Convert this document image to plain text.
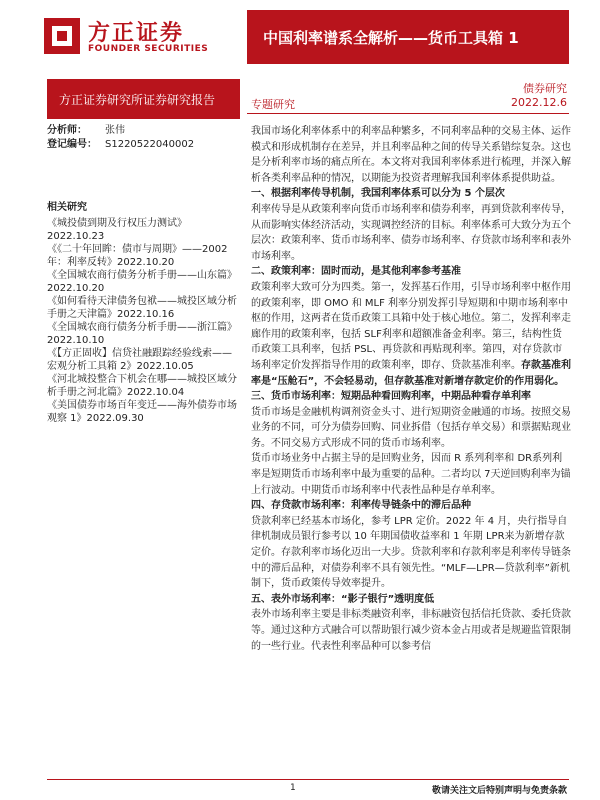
方正证券
FOUNDER SECURITIES
中国利率谱系全解析——货币工具箱 1
方正证券研究所证券研究报告
债券研究
专题研究	2022.12.6
分析师：	张伟
登记编号： S1220522040002
相关研究
《城投债到期及行权压力测试》2022.10.23
《《二十年回眸：债市与周期》——2002年：利率反转》2022.10.20
《全国城农商行债务分析手册——山东篇》2022.10.20
《如何看待天津债务包袱——城投区域分析手册之天津篇》2022.10.16
《全国城农商行债务分析手册——浙江篇》2022.10.10
《【方正固收】信贷社融跟踪经验线索——宏观分析工具箱 2》2022.10.05
《河北城投整合下机会在哪——城投区域分析手册之河北篇》2022.10.04
《美国债券市场百年变迁——海外债券市场观察 1》2022.09.30

我国市场化利率体系中的利率品种繁多，不同利率品种的交易主体、运作模式和形成机制存在差异，并且利率品种之间的传导关系错综复杂。这也是分析利率市场的痛点所在。本文将对我国利率体系进行梳理，并深入解析各类利率品种的情况，以期能为投资者理解我国利率体系提供助益。

一、根据利率传导机制，我国利率体系可以分为 5 个层次

利率传导是从政策利率向货币市场利率和债券利率，再到贷款利率传导，从而影响实体经济活动，实现调控经济的目标。利率体系可大致分为五个层次：政策利率、货币市场利率、债券市场利率、存贷款市场利率和表外市场利率。

二、政策利率：固时而动，是其他利率参考基准

政策利率大致可分为四类。第一，发挥基石作用，引导市场利率中枢作用的政策利率，即 OMO 和 MLF 利率分别发挥引导短期和中期市场利率中枢的作用，这两者在货币政策工具箱中处于核心地位。第二，发挥利率走廊作用的政策利率，包括 SLF利率和超额准备金利率。第三，结构性货币政策工具利率，包括 PSL、再贷款和再贴现利率。第四，对存贷款市场利率定价发挥指导作用的政策利率，即存、贷款基准利率。存款基准利率是“压舱石”，不会轻易动，但存款基准对新增存款定价的作用弱化。

三、货币市场利率：短期品种看回购利率，中期品种看存单利率

货币市场是金融机构调剂资金头寸、进行短期资金融通的市场。按照交易业务的不同，可分为债券回购、同业拆借（包括存单交易）和票据贴现业务。不同交易方式形成不同的货币市场利率。

货币市场业务中占据主导的是回购业务，因而 R 系列利率和 DR系列利率是短期货币市场利率中最为重要的品种。二者均以 7天逆回购利率为锚上行波动。中期货币市场利率中代表性品种是存单利率。

四、存贷款市场利率：利率传导链条中的滞后品种

贷款利率已经基本市场化，参考 LPR 定价。2022 年 4 月，央行指导自律机制成员银行参考以 10 年期国债收益率和 1 年期 LPR来为新增存款定价。存款利率市场化迈出一大步。贷款利率和存款利率是利率传导链条中的滞后品种，对债券利率不具有领先性。“MLF—LPR—贷款利率”新机制下，货币政策传导效率提升。

五、表外市场利率：“影子银行”透明度低

表外市场利率主要是非标类融资利率，非标融资包括信托贷款、委托贷款等。通过这种方式融合可以帮助银行减少资本金占用或者是规避监管限制的一些行业。代表性利率品种可以参考信

1	敬请关注文后特别声明与免责条款
